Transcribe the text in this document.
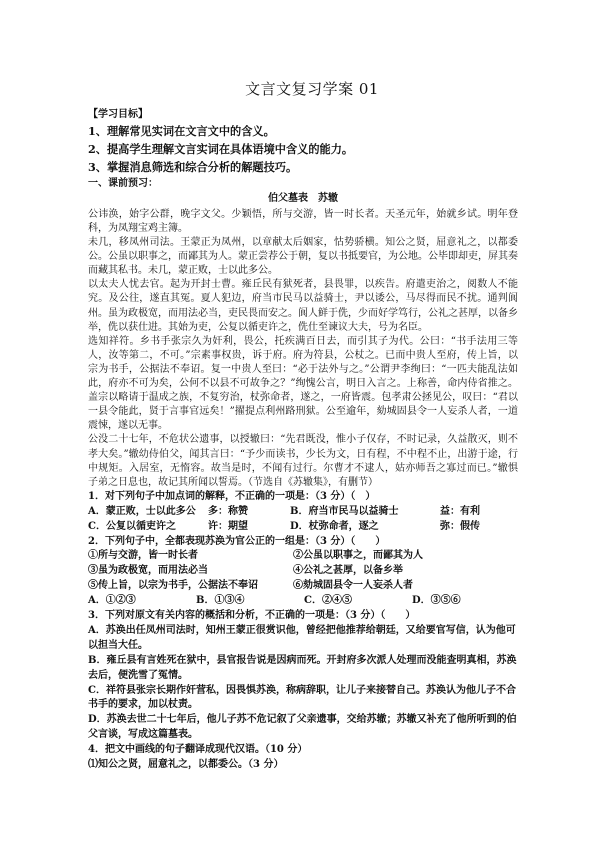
文言文复习学案 01
【学习目标】
1、理解常见实词在文言文中的含义。
2、提高学生理解文言实词在具体语境中含义的能力。
3、掌握消息筛选和综合分析的解题技巧。
一、课前预习：
伯父墓表　苏辙

公讳涣，始字公群，晚字文父。少颖悟，所与交游，皆一时长者。天圣元年，始就乡试。明年登科，为凤翔宝鸡主簿。

未几，移凤州司法。王蒙正为凤州，以章献太后姻家，怙势骄横。知公之贤，屈意礼之，以都委公。公虽以职事之，而鄙其为人。蒙正尝荐公于朝，复以书抵要官，为公地。公毕即却吏，屏其奏而藏其私书。未几，蒙正败，士以此多公。

以太夫人忧去官。起为开封士曹。雍丘民有狱死者，县畏罪，以疾告。府遣吏治之，阅数人不能究。及公往，遂直其冤。夏人犯边，府当市民马以益骑士，尹以诿公，马尽得而民不扰。通判阆州。虽为政极宽，而用法必当，吏民畏而安之。阆人鲜于侁，少而好学笃行，公礼之甚厚，以备乡举，侁以获仕进。其始为吏，公复以循吏许之，侁仕至谏议大夫，号为名臣。

选知祥符。乡书手张宗久为奸利，畏公，托疾满百日去，而引其子为代。公曰：“书手法用三等人，汝等第二，不可。”宗素事权贵，诉于府。府为符县，公杖之。已而中贵人至府，传上旨，以宗为书手，公据法不奉诏。复一中贵人至曰：“必于法外与之。”公谓尹李绚曰：“一匹夫能乱法如此，府亦不可为矣，公何不以县不可故争之？”绚愧公言，明日入言之。上称善，命内侍省推之。盖宗以略请于温成之族，不复穷治，杖弥命者，遂之，一府皆震。包孝肃公拯见公，叹曰：“君以一县令能此，贤于言事官远矣！”擢提点利州路刑狱。公至逾年，劾城固县令一人妄杀人者，一道震悚，遂以无事。

公没二十七年，不危状公遗事，以授辙曰：“先君既没，惟小子仅存，不时记录，久益散灭，则不孝大矣。”辙幼侍伯父，闻其言曰：“予少而读书，少长为文，日有程，不中程不止，出游于途，行中规矩。入居室，无惰容。故当是时，不闻有过行。尔曹才不逮人，姑亦师吾之寡过而已。”辙惧子弟之日息也，故记其所闻以誓焉。（节选自《苏辙集》，有删节）

1．对下列句子中加点词的解释，不正确的一项是：（3 分）（　）

A．蒙正败，士以此多公	多：称赞	B．府当市民马以益骑士	益：有利
C．公复以循吏许之	许：期望	D．杖弥命者，逐之	弥：假传

2．下列句子中，全都表现苏涣为官公正的一组是：（3 分）（　　）

①所与交游，皆一时长者	②公虽以职事之，而鄙其为人
③虽为政极宽，而用法必当	④公礼之甚厚，以备乡举
⑤传上旨，以宗为书手，公据法不奉诏	⑥劾城固县令一人妄杀人者
A．①②③	B．①③④	C．②④⑤	D．③⑤⑥

3．下列对原文有关内容的概括和分析，不正确的一项是：（3 分）（　　）

A．苏涣出任凤州司法时，知州王蒙正很赏识他，曾经把他推荐给朝廷，又给要官写信，认为他可以担当大任。

B．雍丘县有言姓死在狱中，县官报告说是因病而死。开封府多次派人处理而没能查明真相，苏涣去后，便洗雪了冤情。

C．祥符县张宗长期作奸营私，因畏惧苏涣，称病辞职，让儿子来接替自己。苏涣认为他儿子不合书手的要求，加以杖责。

D．苏涣去世二十七年后，他儿子苏不危记叙了父亲遗事，交给苏辙；苏辙又补充了他所听到的伯父言谈，写成这篇墓表。

4．把文中画线的句子翻译成现代汉语。（10 分）

⑴知公之贤，屈意礼之，以都委公。（3 分）
